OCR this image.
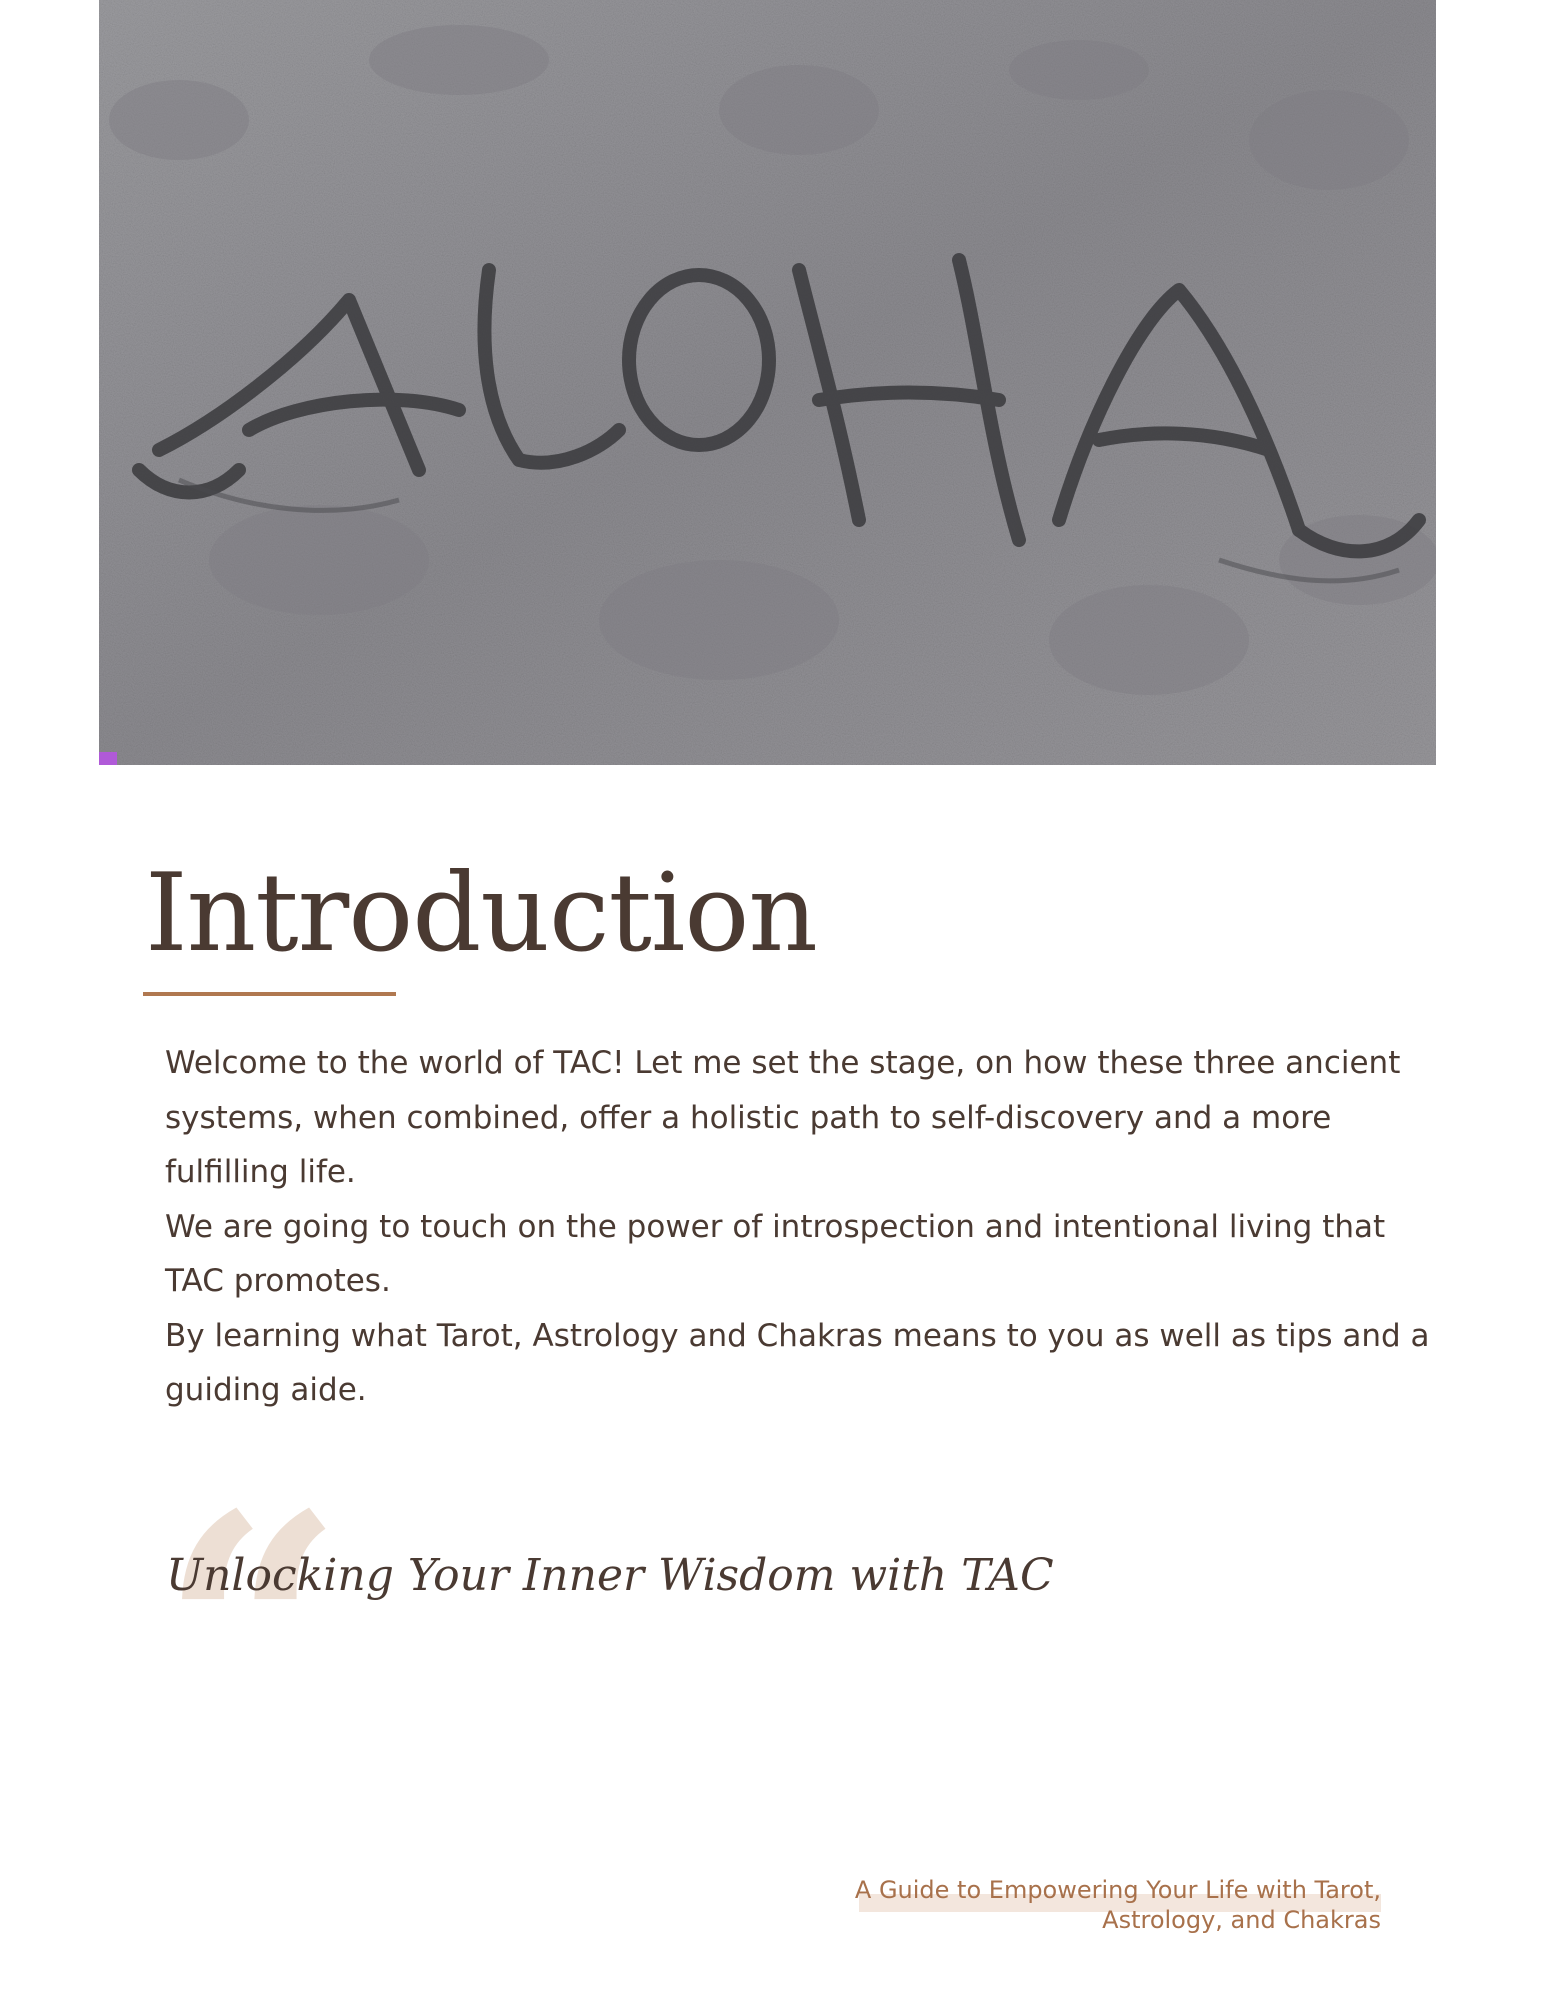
Introduction

Welcome to the world of TAC! Let me set the stage, on how these three ancient systems, when combined, offer a holistic path to self-discovery and a more fulfilling life.

We are going to touch on the power of introspection and intentional living that TAC promotes.

By learning what Tarot, Astrology and Chakras means to you as well as tips and a guiding aide.

“
Unlocking Your Inner Wisdom with TAC
A Guide to Empowering Your Life with Tarot,
Astrology, and Chakras
